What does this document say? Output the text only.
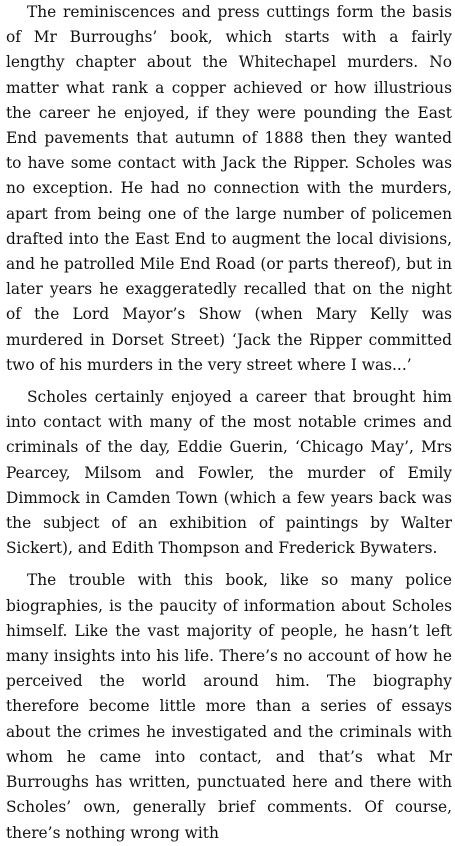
The reminiscences and press cuttings form the basis of Mr Burroughs’ book, which starts with a fairly lengthy chapter about the Whitechapel murders. No matter what rank a copper achieved or how illustrious the career he enjoyed, if they were pounding the East End pavements that autumn of 1888 then they wanted to have some contact with Jack the Ripper. Scholes was no exception. He had no connection with the murders, apart from being one of the large number of policemen drafted into the East End to augment the local divisions, and he patrolled Mile End Road (or parts thereof), but in later years he exaggeratedly recalled that on the night of the Lord Mayor’s Show (when Mary Kelly was murdered in Dorset Street) ‘Jack the Ripper committed two of his murders in the very street where I was...’

Scholes certainly enjoyed a career that brought him into contact with many of the most notable crimes and criminals of the day, Eddie Guerin, ‘Chicago May’, Mrs Pearcey, Milsom and Fowler, the murder of Emily Dimmock in Camden Town (which a few years back was the subject of an exhibition of paintings by Walter Sickert), and Edith Thompson and Frederick Bywaters.

The trouble with this book, like so many police biographies, is the paucity of information about Scholes himself. Like the vast majority of people, he hasn’t left many insights into his life. There’s no account of how he perceived the world around him. The biography therefore become little more than a series of essays about the crimes he investigated and the criminals with whom he came into contact, and that’s what Mr Burroughs has written, punctuated here and there with Scholes’ own, generally brief comments. Of course, there’s nothing wrong with
